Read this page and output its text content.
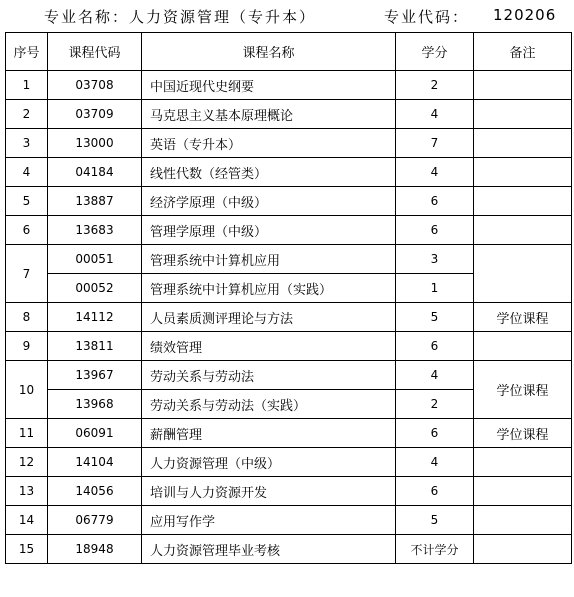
专业名称：人力资源管理（专升本）	专业代码： 120206
序号	课程代码	课程名称	学分	备注
1	03708	中国近现代史纲要	2	
2	03709	马克思主义基本原理概论	4	
3	13000	英语（专升本）	7	
4	04184	线性代数（经管类）	4	
5	13887	经济学原理（中级）	6	
6	13683	管理学原理（中级）	6	
7	00051	管理系统中计算机应用	3	
	00052	管理系统中计算机应用（实践）	1	
8	14112	人员素质测评理论与方法	5	学位课程
9	13811	绩效管理	6	
10	13967	劳动关系与劳动法	4	学位课程
	13968	劳动关系与劳动法（实践）	2	
11	06091	薪酬管理	6	学位课程
12	14104	人力资源管理（中级）	4	
13	14056	培训与人力资源开发	6	
14	06779	应用写作学	5	
15	18948	人力资源管理毕业考核	不计学分	
